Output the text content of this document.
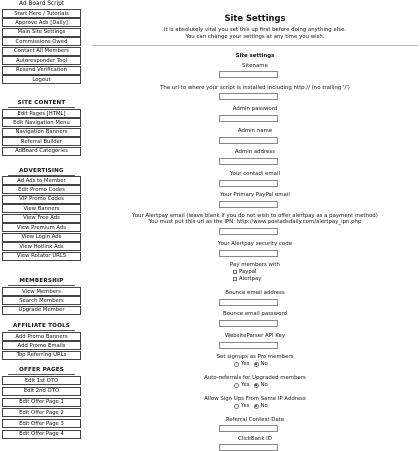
Ad Board Script
Start Here / Tutorials
Approve Ads [Daily]
Main Site Settings
Commissions Owed
Contact All Members
Autoresponder Tool
Resend Verification
Logout
SITE CONTENT
Edit Pages [HTML]
Edit Navigation Menu
Navigation Banners
Referral Builder
AdBoard Categories
ADVERTISING
Ad Ads to Member
Edit Promo Codes
VIP Promo Codes
View Banners
View Free Ads
View Premium Ads
View Login Ads
View Hotlink Ads
View Rotator URLS
MEMBERSHIP
View Members
Search Members
Upgrade Member
AFFILIATE TOOLS
Add Promo Banners
Add Promo Emails
Top Referring URLs
OFFER PAGES
Edit 1st OTO
Edit 2nd OTO
Edit Offer Page 1
Edit Offer Page 2
Edit Offer Page 3
Edit Offer Page 4
Site Settings
It is absolutely vital you set this up first before doing anything else.
You can change your settings at any time you wish.
Site settings
Sitename
The url to where your script is installed including http:// (no trailing '/')
Admin password
Admin name
Admin address
Your contact email
Your Primary PayPal email
Your Alertpay email (leave blank if you do not wish to offer alertpay as a payment method)
You must put this url as the IPN: http://www.postadsdaily.com/alertpay_ipn.php
Your Alertpay security code
Pay members with
Paypal
Alertpay
Bounce email address
Bounce email password
WebsiteParser API Key
Set signups as Pro members
Yes No
Auto-referrals for Upgraded members
Yes No
Allow Sign Ups From Same IP Address
Yes No
Referral Contest Date
ClickBank ID
